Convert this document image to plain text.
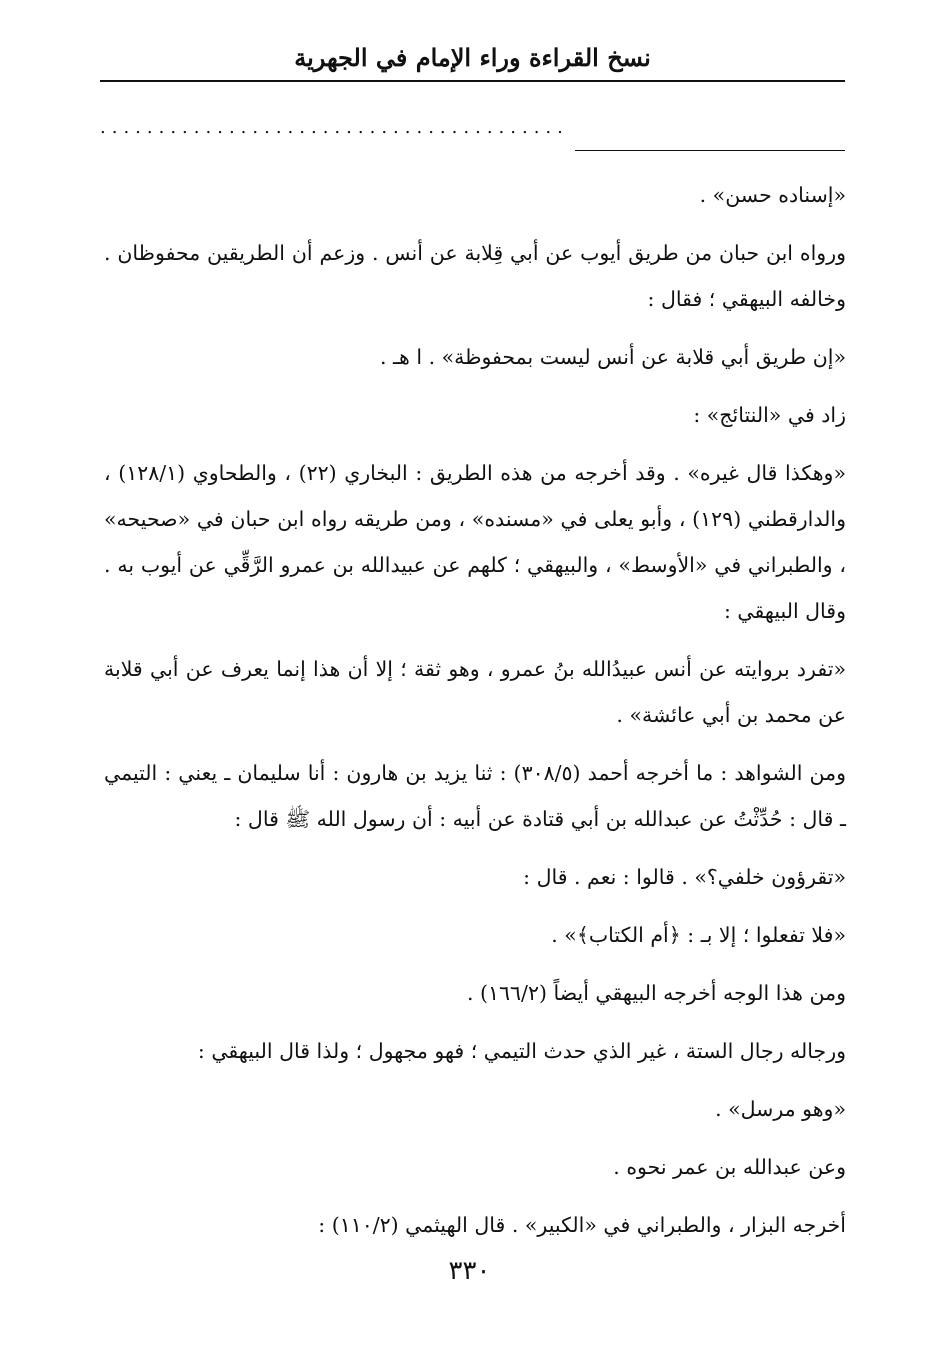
نسخ القراءة وراء الإمام في الجهرية
........................................

«إسناده حسن» .

ورواه ابن حبان من طريق أيوب عن أبي قِلابة عن أنس . وزعم أن الطريقين محفوظان . وخالفه البيهقي ؛ فقال :

«إن طريق أبي قلابة عن أنس ليست بمحفوظة» . ا هـ .

زاد في «النتائج» :

«وهكذا قال غيره» . وقد أخرجه من هذه الطريق : البخاري (٢٢) ، والطحاوي (١٢٨/١) ، والدارقطني (١٢٩) ، وأبو يعلى في «مسنده» ، ومن طريقه رواه ابن حبان في «صحيحه» ، والطبراني في «الأوسط» ، والبيهقي ؛ كلهم عن عبيدالله بن عمرو الرَّقِّي عن أيوب به . وقال البيهقي :

«تفرد بروايته عن أنس عبيدُالله بنُ عمرو ، وهو ثقة ؛ إلا أن هذا إنما يعرف عن أبي قلابة عن محمد بن أبي عائشة» .

ومن الشواهد : ما أخرجه أحمد (٣٠٨/٥) : ثنا يزيد بن هارون : أنا سليمان ـ يعني : التيمي ـ قال : حُدِّثْتُ عن عبدالله بن أبي قتادة عن أبيه : أن رسول الله ﷺ قال :

«تقرؤون خلفي؟» . قالوا : نعم . قال :

«فلا تفعلوا ؛ إلا بـ : ﴿أم الكتاب﴾» .

ومن هذا الوجه أخرجه البيهقي أيضاً (١٦٦/٢) .

ورجاله رجال الستة ، غير الذي حدث التيمي ؛ فهو مجهول ؛ ولذا قال البيهقي :

«وهو مرسل» .

وعن عبدالله بن عمر نحوه .

أخرجه البزار ، والطبراني في «الكبير» . قال الهيثمي (١١٠/٢) :

٣٣٠
